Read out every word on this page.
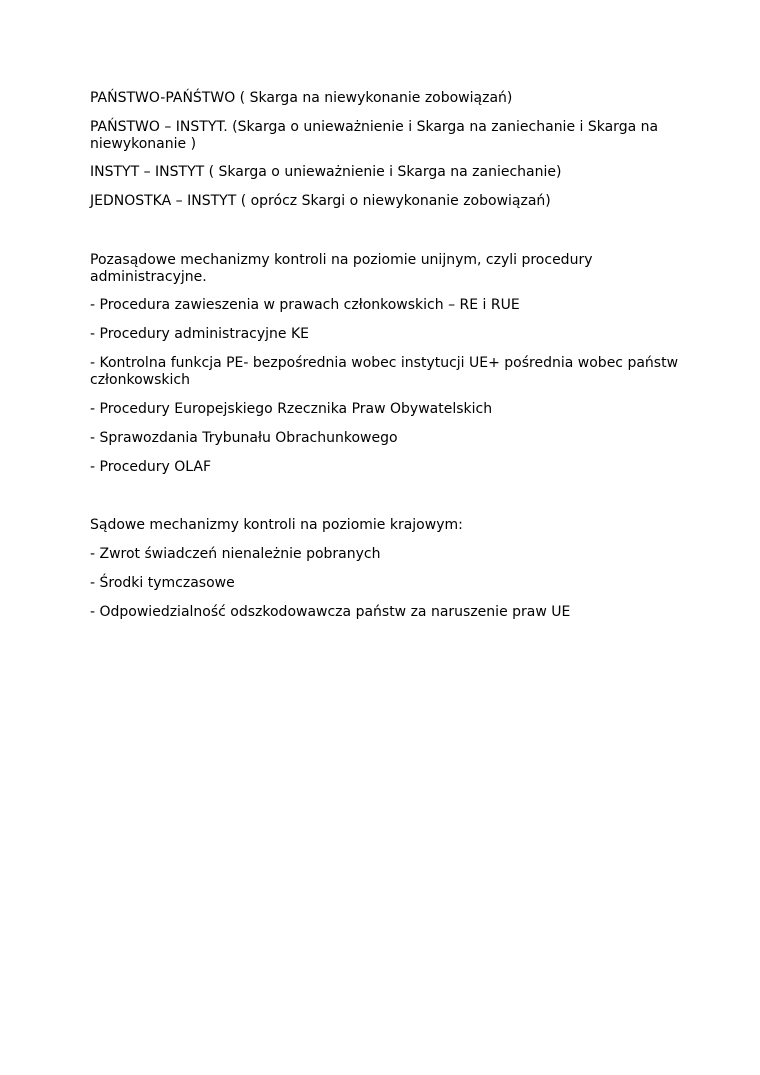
PAŃSTWO-PAŃŚTWO ( Skarga na niewykonanie zobowiązań)

PAŃSTWO – INSTYT. (Skarga o unieważnienie i Skarga na zaniechanie i Skarga na niewykonanie )

INSTYT – INSTYT ( Skarga o unieważnienie i Skarga na zaniechanie)

JEDNOSTKA – INSTYT ( oprócz Skargi o niewykonanie zobowiązań)

Pozasądowe mechanizmy kontroli na poziomie unijnym, czyli procedury administracyjne.

- Procedura zawieszenia w prawach członkowskich – RE i RUE

- Procedury administracyjne KE

- Kontrolna funkcja PE- bezpośrednia wobec instytucji UE+ pośrednia wobec państw członkowskich

- Procedury Europejskiego Rzecznika Praw Obywatelskich

- Sprawozdania Trybunału Obrachunkowego

- Procedury OLAF

Sądowe mechanizmy kontroli na poziomie krajowym:

- Zwrot świadczeń nienależnie pobranych

- Środki tymczasowe

- Odpowiedzialność odszkodowawcza państw za naruszenie praw UE
